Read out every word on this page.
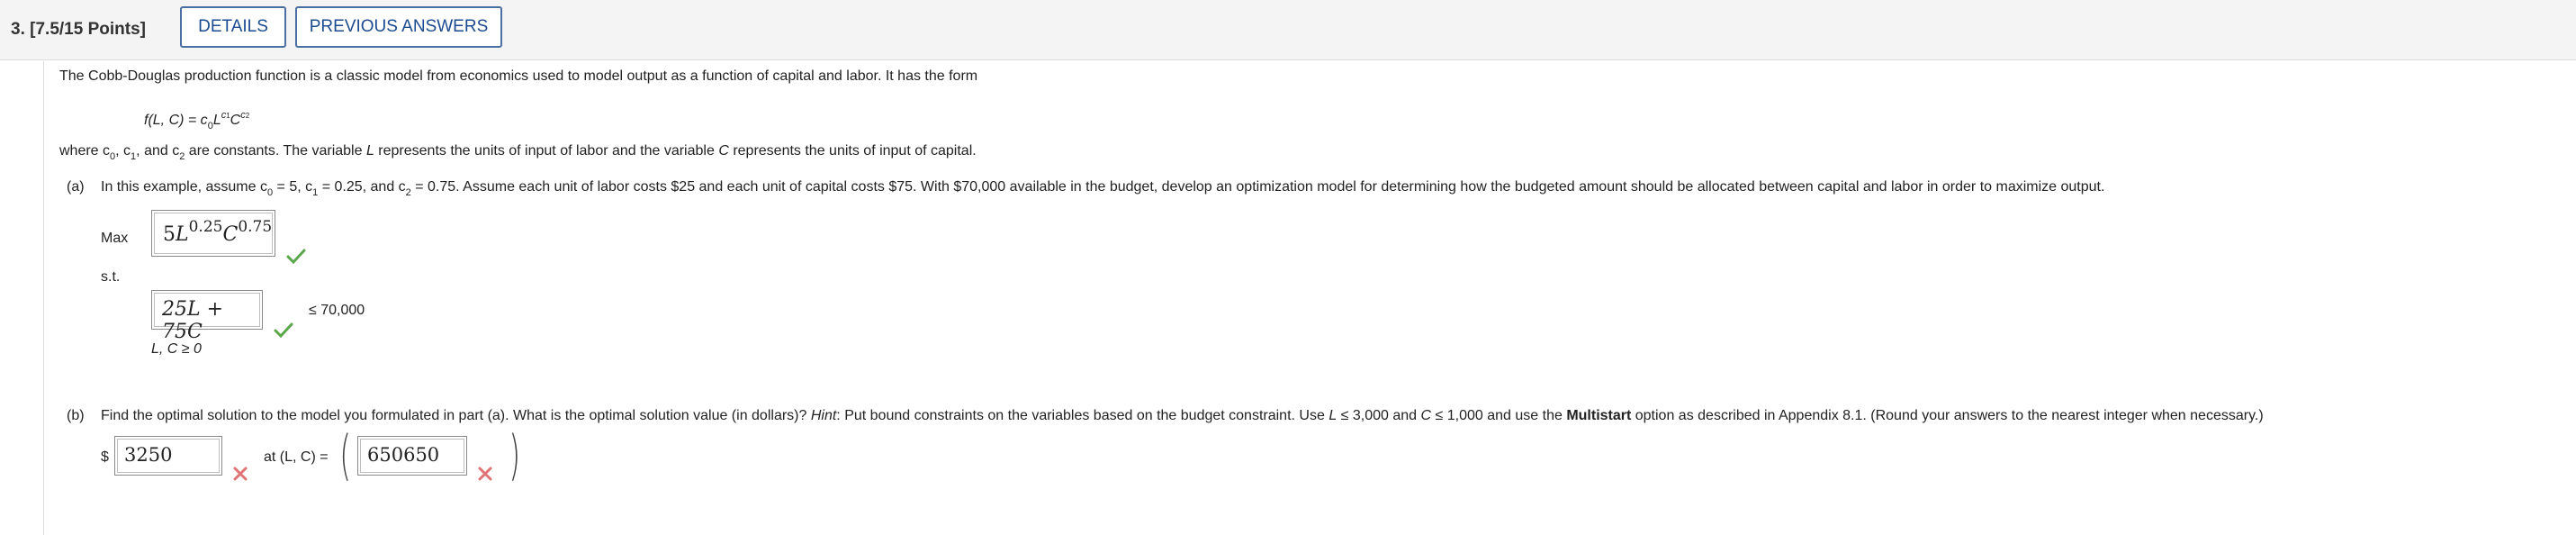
3. [7.5/15 Points]	DETAILS	PREVIOUS ANSWERS
The Cobb-Douglas production function is a classic model from economics used to model output as a function of capital and labor. It has the form
f(L, $C) = c_0L^{c1}C^{c2}$
where $c_0$, $c_1$, and $c_2$ are constants. The variable L represents the units of input of labor and the variable C represents the units of input of capital.
(a) In this example, assume $c_0 = 5$, $c_1 = 0.25$, and $c_2 = 0.75$. Assume each unit of labor costs $25 and each unit of capital costs $75. With $70,000 available in the budget, develop an optimization model for determining how the budgeted amount should be allocated between capital and labor in order to maximize output.
Max $5L^{0.25}C^{0.75}$
s.t.
25L + 75C
≤ 70,000
L, C ≥ 0
(b) Find the optimal solution to the model you formulated in part (a). What is the optimal solution value (in dollars)? Hint: Put bound constraints on the variables based on the budget constraint. Use L ≤ 3,000 and C ≤ 1,000 and use the Multistart option as described in Appendix 8.1. (Round your answers to the nearest integer when necessary.)
$ 3250	at (L, C) = ( 650650	)
